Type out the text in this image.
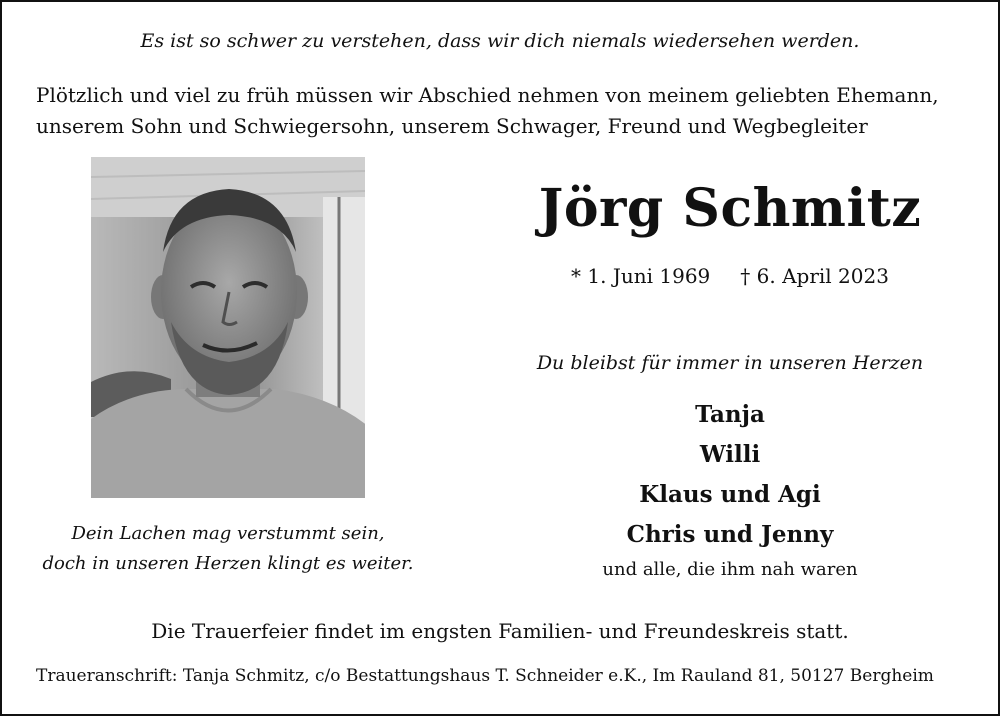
Es ist so schwer zu verstehen, dass wir dich niemals wiedersehen werden.
Plötzlich und viel zu früh müssen wir Abschied nehmen von meinem geliebten Ehemann,
unserem Sohn und Schwiegersohn, unserem Schwager, Freund und Wegbegleiter
Dein Lachen mag verstummt sein,
doch in unseren Herzen klingt es weiter.
Jörg Schmitz
* 1. Juni 1969 † 6. April 2023
Du bleibst für immer in unseren Herzen
Tanja
Willi
Klaus und Agi
Chris und Jenny
und alle, die ihm nah waren
Die Trauerfeier findet im engsten Familien- und Freundeskreis statt.
Traueranschrift: Tanja Schmitz, c/o Bestattungshaus T. Schneider e.K., Im Rauland 81, 50127 Bergheim
